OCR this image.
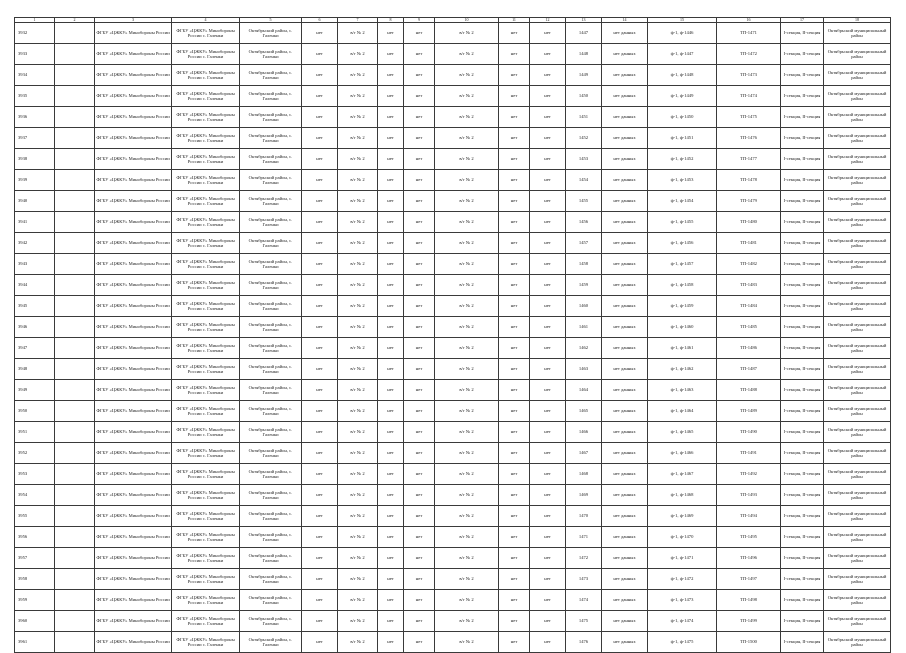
1	2	3	4	5	6	7	8	9	10	11	12	13	14	15	16	17	18
3932		ФГБУ «ЦЖКУ» Минобороны России	ФГБУ «ЦЖКУ» Минобороны России с. Галенки	Октябрьский район, с. Галенки	нет	в/г № 2	нет	нет	в/г № 2	нет	нет	1447	нет данных	ф-1, ф-1446	ТП-1471	I-секция, II-секция	Октябрьский муниципальный район
3933		ФГБУ «ЦЖКУ» Минобороны России	ФГБУ «ЦЖКУ» Минобороны России с. Галенки	Октябрьский район, с. Галенки	нет	в/г № 2	нет	нет	в/г № 2	нет	нет	1448	нет данных	ф-1, ф-1447	ТП-1472	I-секция, II-секция	Октябрьский муниципальный район
3934		ФГБУ «ЦЖКУ» Минобороны России	ФГБУ «ЦЖКУ» Минобороны России с. Галенки	Октябрьский район, с. Галенки	нет	в/г № 2	нет	нет	в/г № 2	нет	нет	1449	нет данных	ф-1, ф-1448	ТП-1473	I-секция, II-секция	Октябрьский муниципальный район
3935		ФГБУ «ЦЖКУ» Минобороны России	ФГБУ «ЦЖКУ» Минобороны России с. Галенки	Октябрьский район, с. Галенки	нет	в/г № 2	нет	нет	в/г № 2	нет	нет	1450	нет данных	ф-1, ф-1449	ТП-1474	I-секция, II-секция	Октябрьский муниципальный район
3936		ФГБУ «ЦЖКУ» Минобороны России	ФГБУ «ЦЖКУ» Минобороны России с. Галенки	Октябрьский район, с. Галенки	нет	в/г № 2	нет	нет	в/г № 2	нет	нет	1451	нет данных	ф-1, ф-1450	ТП-1475	I-секция, II-секция	Октябрьский муниципальный район
3937		ФГБУ «ЦЖКУ» Минобороны России	ФГБУ «ЦЖКУ» Минобороны России с. Галенки	Октябрьский район, с. Галенки	нет	в/г № 2	нет	нет	в/г № 2	нет	нет	1452	нет данных	ф-1, ф-1451	ТП-1476	I-секция, II-секция	Октябрьский муниципальный район
3938		ФГБУ «ЦЖКУ» Минобороны России	ФГБУ «ЦЖКУ» Минобороны России с. Галенки	Октябрьский район, с. Галенки	нет	в/г № 2	нет	нет	в/г № 2	нет	нет	1453	нет данных	ф-1, ф-1452	ТП-1477	I-секция, II-секция	Октябрьский муниципальный район
3939		ФГБУ «ЦЖКУ» Минобороны России	ФГБУ «ЦЖКУ» Минобороны России с. Галенки	Октябрьский район, с. Галенки	нет	в/г № 2	нет	нет	в/г № 2	нет	нет	1454	нет данных	ф-1, ф-1453	ТП-1478	I-секция, II-секция	Октябрьский муниципальный район
3940		ФГБУ «ЦЖКУ» Минобороны России	ФГБУ «ЦЖКУ» Минобороны России с. Галенки	Октябрьский район, с. Галенки	нет	в/г № 2	нет	нет	в/г № 2	нет	нет	1455	нет данных	ф-1, ф-1454	ТП-1479	I-секция, II-секция	Октябрьский муниципальный район
3941		ФГБУ «ЦЖКУ» Минобороны России	ФГБУ «ЦЖКУ» Минобороны России с. Галенки	Октябрьский район, с. Галенки	нет	в/г № 2	нет	нет	в/г № 2	нет	нет	1456	нет данных	ф-1, ф-1455	ТП-1480	I-секция, II-секция	Октябрьский муниципальный район
3942		ФГБУ «ЦЖКУ» Минобороны России	ФГБУ «ЦЖКУ» Минобороны России с. Галенки	Октябрьский район, с. Галенки	нет	в/г № 2	нет	нет	в/г № 2	нет	нет	1457	нет данных	ф-1, ф-1456	ТП-1481	I-секция, II-секция	Октябрьский муниципальный район
3943		ФГБУ «ЦЖКУ» Минобороны России	ФГБУ «ЦЖКУ» Минобороны России с. Галенки	Октябрьский район, с. Галенки	нет	в/г № 2	нет	нет	в/г № 2	нет	нет	1458	нет данных	ф-1, ф-1457	ТП-1482	I-секция, II-секция	Октябрьский муниципальный район
3944		ФГБУ «ЦЖКУ» Минобороны России	ФГБУ «ЦЖКУ» Минобороны России с. Галенки	Октябрьский район, с. Галенки	нет	в/г № 2	нет	нет	в/г № 2	нет	нет	1459	нет данных	ф-1, ф-1458	ТП-1483	I-секция, II-секция	Октябрьский муниципальный район
3945		ФГБУ «ЦЖКУ» Минобороны России	ФГБУ «ЦЖКУ» Минобороны России с. Галенки	Октябрьский район, с. Галенки	нет	в/г № 2	нет	нет	в/г № 2	нет	нет	1460	нет данных	ф-1, ф-1459	ТП-1484	I-секция, II-секция	Октябрьский муниципальный район
3946		ФГБУ «ЦЖКУ» Минобороны России	ФГБУ «ЦЖКУ» Минобороны России с. Галенки	Октябрьский район, с. Галенки	нет	в/г № 2	нет	нет	в/г № 2	нет	нет	1461	нет данных	ф-1, ф-1460	ТП-1485	I-секция, II-секция	Октябрьский муниципальный район
3947		ФГБУ «ЦЖКУ» Минобороны России	ФГБУ «ЦЖКУ» Минобороны России с. Галенки	Октябрьский район, с. Галенки	нет	в/г № 2	нет	нет	в/г № 2	нет	нет	1462	нет данных	ф-1, ф-1461	ТП-1486	I-секция, II-секция	Октябрьский муниципальный район
3948		ФГБУ «ЦЖКУ» Минобороны России	ФГБУ «ЦЖКУ» Минобороны России с. Галенки	Октябрьский район, с. Галенки	нет	в/г № 2	нет	нет	в/г № 2	нет	нет	1463	нет данных	ф-1, ф-1462	ТП-1487	I-секция, II-секция	Октябрьский муниципальный район
3949		ФГБУ «ЦЖКУ» Минобороны России	ФГБУ «ЦЖКУ» Минобороны России с. Галенки	Октябрьский район, с. Галенки	нет	в/г № 2	нет	нет	в/г № 2	нет	нет	1464	нет данных	ф-1, ф-1463	ТП-1488	I-секция, II-секция	Октябрьский муниципальный район
3950		ФГБУ «ЦЖКУ» Минобороны России	ФГБУ «ЦЖКУ» Минобороны России с. Галенки	Октябрьский район, с. Галенки	нет	в/г № 2	нет	нет	в/г № 2	нет	нет	1465	нет данных	ф-1, ф-1464	ТП-1489	I-секция, II-секция	Октябрьский муниципальный район
3951		ФГБУ «ЦЖКУ» Минобороны России	ФГБУ «ЦЖКУ» Минобороны России с. Галенки	Октябрьский район, с. Галенки	нет	в/г № 2	нет	нет	в/г № 2	нет	нет	1466	нет данных	ф-1, ф-1465	ТП-1490	I-секция, II-секция	Октябрьский муниципальный район
3952		ФГБУ «ЦЖКУ» Минобороны России	ФГБУ «ЦЖКУ» Минобороны России с. Галенки	Октябрьский район, с. Галенки	нет	в/г № 2	нет	нет	в/г № 2	нет	нет	1467	нет данных	ф-1, ф-1466	ТП-1491	I-секция, II-секция	Октябрьский муниципальный район
3953		ФГБУ «ЦЖКУ» Минобороны России	ФГБУ «ЦЖКУ» Минобороны России с. Галенки	Октябрьский район, с. Галенки	нет	в/г № 2	нет	нет	в/г № 2	нет	нет	1468	нет данных	ф-1, ф-1467	ТП-1492	I-секция, II-секция	Октябрьский муниципальный район
3954		ФГБУ «ЦЖКУ» Минобороны России	ФГБУ «ЦЖКУ» Минобороны России с. Галенки	Октябрьский район, с. Галенки	нет	в/г № 2	нет	нет	в/г № 2	нет	нет	1469	нет данных	ф-1, ф-1468	ТП-1493	I-секция, II-секция	Октябрьский муниципальный район
3955		ФГБУ «ЦЖКУ» Минобороны России	ФГБУ «ЦЖКУ» Минобороны России с. Галенки	Октябрьский район, с. Галенки	нет	в/г № 2	нет	нет	в/г № 2	нет	нет	1470	нет данных	ф-1, ф-1469	ТП-1494	I-секция, II-секция	Октябрьский муниципальный район
3956		ФГБУ «ЦЖКУ» Минобороны России	ФГБУ «ЦЖКУ» Минобороны России с. Галенки	Октябрьский район, с. Галенки	нет	в/г № 2	нет	нет	в/г № 2	нет	нет	1471	нет данных	ф-1, ф-1470	ТП-1495	I-секция, II-секция	Октябрьский муниципальный район
3957		ФГБУ «ЦЖКУ» Минобороны России	ФГБУ «ЦЖКУ» Минобороны России с. Галенки	Октябрьский район, с. Галенки	нет	в/г № 2	нет	нет	в/г № 2	нет	нет	1472	нет данных	ф-1, ф-1471	ТП-1496	I-секция, II-секция	Октябрьский муниципальный район
3958		ФГБУ «ЦЖКУ» Минобороны России	ФГБУ «ЦЖКУ» Минобороны России с. Галенки	Октябрьский район, с. Галенки	нет	в/г № 2	нет	нет	в/г № 2	нет	нет	1473	нет данных	ф-1, ф-1472	ТП-1497	I-секция, II-секция	Октябрьский муниципальный район
3959		ФГБУ «ЦЖКУ» Минобороны России	ФГБУ «ЦЖКУ» Минобороны России с. Галенки	Октябрьский район, с. Галенки	нет	в/г № 2	нет	нет	в/г № 2	нет	нет	1474	нет данных	ф-1, ф-1473	ТП-1498	I-секция, II-секция	Октябрьский муниципальный район
3960		ФГБУ «ЦЖКУ» Минобороны России	ФГБУ «ЦЖКУ» Минобороны России с. Галенки	Октябрьский район, с. Галенки	нет	в/г № 2	нет	нет	в/г № 2	нет	нет	1475	нет данных	ф-1, ф-1474	ТП-1499	I-секция, II-секция	Октябрьский муниципальный район
3961		ФГБУ «ЦЖКУ» Минобороны России	ФГБУ «ЦЖКУ» Минобороны России с. Галенки	Октябрьский район, с. Галенки	нет	в/г № 2	нет	нет	в/г № 2	нет	нет	1476	нет данных	ф-1, ф-1475	ТП-1500	I-секция, II-секция	Октябрьский муниципальный район
